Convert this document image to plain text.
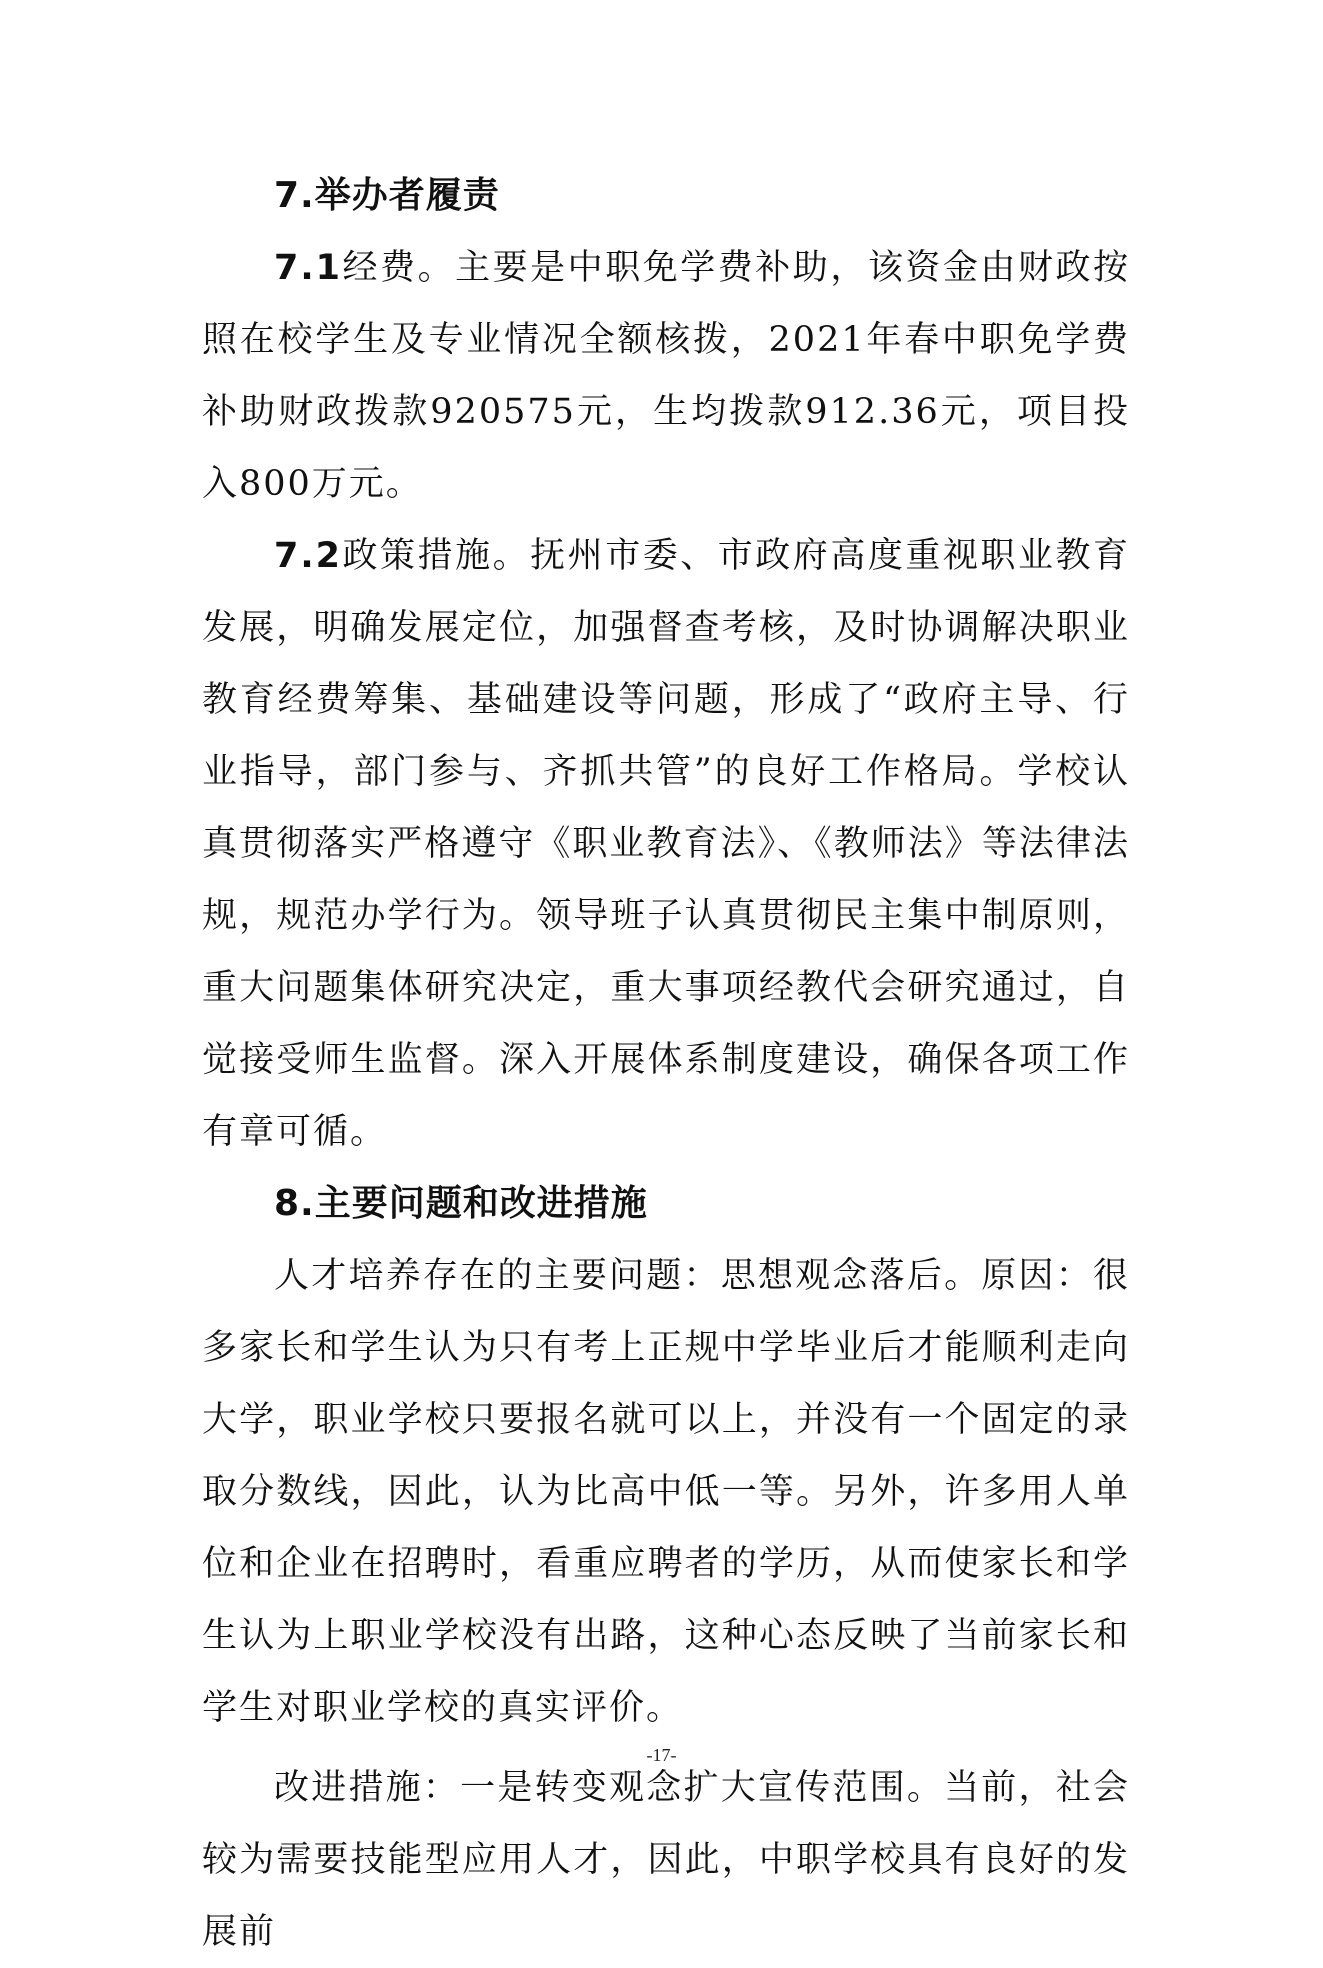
7.举办者履责

7.1经费。主要是中职免学费补助，该资金由财政按照在校学生及专业情况全额核拨，2021年春中职免学费补助财政拨款920575元，生均拨款912.36元，项目投入800万元。

7.2政策措施。抚州市委、市政府高度重视职业教育发展，明确发展定位，加强督查考核，及时协调解决职业教育经费筹集、基础建设等问题，形成了“政府主导、行业指导，部门参与、齐抓共管”的良好工作格局。学校认真贯彻落实严格遵守《职业教育法》、《教师法》等法律法规，规范办学行为。领导班子认真贯彻民主集中制原则，重大问题集体研究决定，重大事项经教代会研究通过，自觉接受师生监督。深入开展体系制度建设，确保各项工作有章可循。

8.主要问题和改进措施

人才培养存在的主要问题：思想观念落后。原因：很多家长和学生认为只有考上正规中学毕业后才能顺利走向大学，职业学校只要报名就可以上，并没有一个固定的录取分数线，因此，认为比高中低一等。另外，许多用人单位和企业在招聘时，看重应聘者的学历，从而使家长和学生认为上职业学校没有出路，这种心态反映了当前家长和学生对职业学校的真实评价。

改进措施：一是转变观念扩大宣传范围。当前，社会较为需要技能型应用人才，因此，中职学校具有良好的发展前

-17-
